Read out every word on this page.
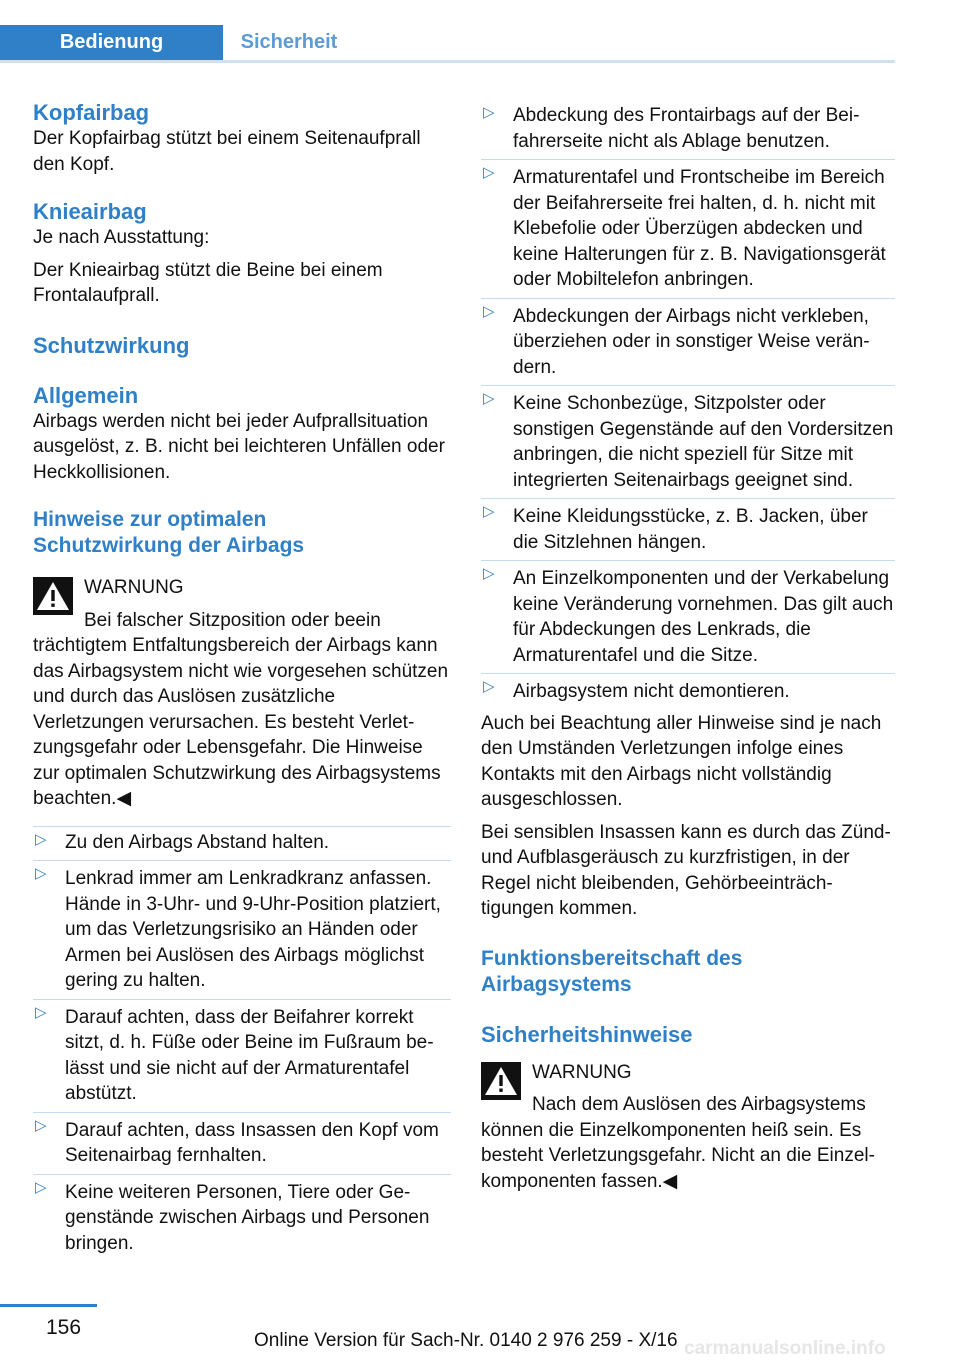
Bedienung	Sicherheit
Kopfairbag

Der Kopfairbag stützt bei einem Seitenaufprall den Kopf.

Knieairbag

Je nach Ausstattung:

Der Knieairbag stützt die Beine bei einem Frontalaufprall.

Schutzwirkung
Allgemein

Airbags werden nicht bei jeder Aufprallsituation ausgelöst, z. B. nicht bei leichteren Unfällen oder Heckkollisionen.

Hinweise zur optimalen
Schutzwirkung der Airbags
WARNUNG
Bei falscher Sitzposition oder beein
trächtigtem Entfaltungsbereich der Airbags kann das Airbagsystem nicht wie vorgesehen schützen und durch das Auslösen zusätzliche Verletzungen verursachen. Es besteht Verletzungsgefahr oder Lebensgefahr. Die Hinweise zur optimalen Schutzwirkung des Airbagsystems beachten.◀
▷ Zu den Airbags Abstand halten.
▷ Lenkrad immer am Lenkradkranz anfassen. Hände in 3-Uhr- und 9-Uhr-Position platziert, um das Verletzungsrisiko an Händen oder Armen bei Auslösen des Airbags möglichst gering zu halten.
▷ Darauf achten, dass der Beifahrer korrekt sitzt, d. h. Füße oder Beine im Fußraum belässt und sie nicht auf der Armaturentafel abstützt.
▷ Darauf achten, dass Insassen den Kopf vom Seitenairbag fernhalten.
▷ Keine weiteren Personen, Tiere oder Gegenstände zwischen Airbags und Personen bringen.
▷ Abdeckung des Frontairbags auf der Beifahrerseite nicht als Ablage benutzen.
▷ Armaturentafel und Frontscheibe im Bereich der Beifahrerseite frei halten, d. h. nicht mit Klebefolie oder Überzügen abdecken und keine Halterungen für z. B. Navigationsgerät oder Mobiltelefon anbringen.
▷ Abdeckungen der Airbags nicht verkleben, überziehen oder in sonstiger Weise verändern.
▷ Keine Schonbezüge, Sitzpolster oder sonstigen Gegenstände auf den Vordersitzen anbringen, die nicht speziell für Sitze mit integrierten Seitenairbags geeignet sind.
▷ Keine Kleidungsstücke, z. B. Jacken, über die Sitzlehnen hängen.
▷ An Einzelkomponenten und der Verkabelung keine Veränderung vornehmen. Das gilt auch für Abdeckungen des Lenkrads, die Armaturentafel und die Sitze.
▷ Airbagsystem nicht demontieren.

Auch bei Beachtung aller Hinweise sind je nach den Umständen Verletzungen infolge eines Kontakts mit den Airbags nicht vollständig ausgeschlossen.

Bei sensiblen Insassen kann es durch das Zünd- und Aufblasgeräusch zu kurzfristigen, in der Regel nicht bleibenden, Gehörbeeinträchtigungen kommen.

Funktionsbereitschaft des
Airbagsystems
Sicherheitshinweise
WARNUNG
Nach dem Auslösen des Airbagsystems
können die Einzelkomponenten heiß sein. Es besteht Verletzungsgefahr. Nicht an die Einzelkomponenten fassen.◀
156
Online Version für Sach-Nr. 0140 2 976 259 - X/16 carmanualsonline.info
